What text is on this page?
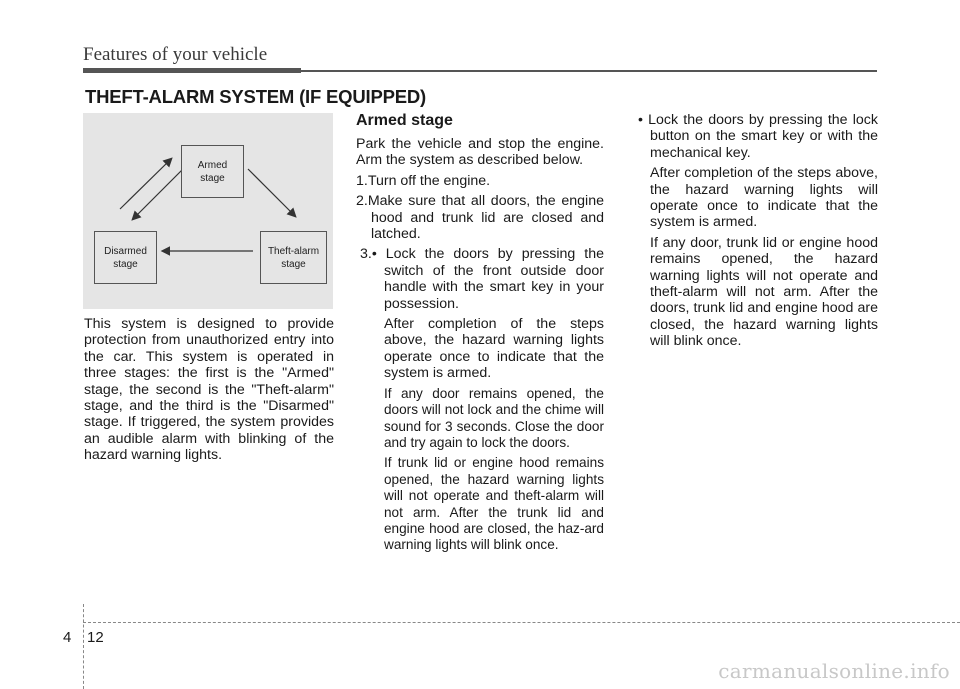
Features of your vehicle
THEFT-ALARM SYSTEM (IF EQUIPPED)
Armed
stage
Disarmed
stage
Theft-alarm
stage

This system is designed to provide protection from unauthorized entry into the car. This system is operated in three stages: the first is the "Armed" stage, the second is the "Theft-alarm" stage, and the third is the "Disarmed" stage. If triggered, the system provides an audible alarm with blinking of the hazard warning lights.

Armed stage

Park the vehicle and stop the engine. Arm the system as described below.

1.Turn off the engine.

2.Make sure that all doors, the engine hood and trunk lid are closed and latched.

3.• Lock the doors by pressing the switch of the front outside door handle with the smart key in your possession.

After completion of the steps above, the hazard warning lights operate once to indicate that the system is armed.

If any door remains opened, the doors will not lock and the chime will sound for 3 seconds. Close the door and try again to lock the doors.

If trunk lid or engine hood remains opened, the hazard warning lights will not operate and theft-alarm will not arm. After the trunk lid and engine hood are closed, the haz-ard warning lights will blink once.

• Lock the doors by pressing the lock button on the smart key or with the mechanical key.

After completion of the steps above, the hazard warning lights will operate once to indicate that the system is armed.

If any door, trunk lid or engine hood remains opened, the hazard warning lights will not operate and theft-alarm will not arm. After the doors, trunk lid and engine hood are closed, the hazard warning lights will blink once.

4 12
carmanualsonline.info
